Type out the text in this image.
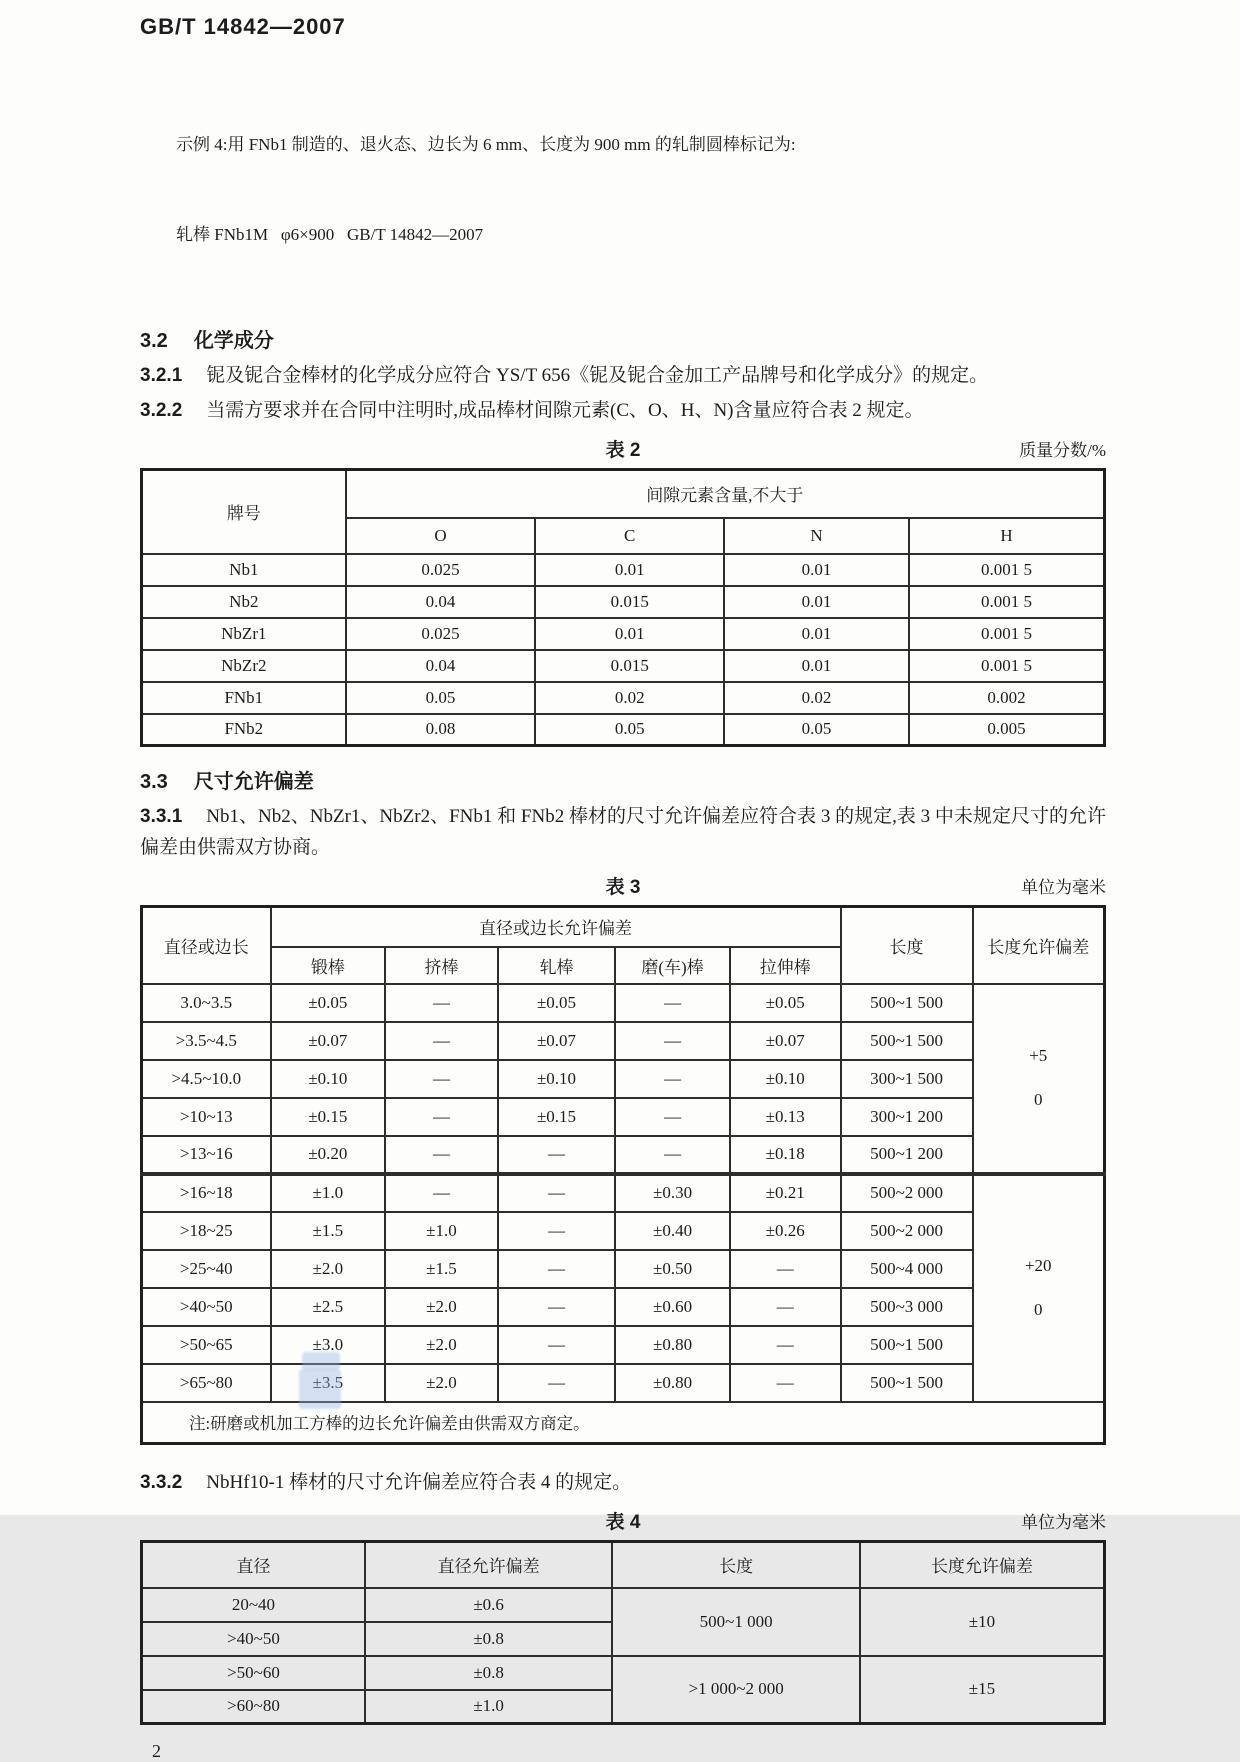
GB/T 14842—2007

示例 4:用 FNb1 制造的、退火态、边长为 6 mm、长度为 900 mm 的轧制圆棒标记为:

轧棒 FNb1M   φ6×900   GB/T 14842—2007

3.2 化学成分

3.2.1 铌及铌合金棒材的化学成分应符合 YS/T 656《铌及铌合金加工产品牌号和化学成分》的规定。

3.2.2 当需方要求并在合同中注明时,成品棒材间隙元素(C、O、H、N)含量应符合表 2 规定。

表 2	质量分数/%
牌号	间隙元素含量,不大于			
	O	C	N	H
Nb1	0.025	0.01	0.01	0.001 5
Nb2	0.04	0.015	0.01	0.001 5
NbZr1	0.025	0.01	0.01	0.001 5
NbZr2	0.04	0.015	0.01	0.001 5
FNb1	0.05	0.02	0.02	0.002
FNb2	0.08	0.05	0.05	0.005
3.3 尺寸允许偏差

3.3.1 Nb1、Nb2、NbZr1、NbZr2、FNb1 和 FNb2 棒材的尺寸允许偏差应符合表 3 的规定,表 3 中未规定尺寸的允许偏差由供需双方协商。

表 3	单位为毫米
直径或边长	直径或边长允许偏差					长度	长度允许偏差
	锻棒	挤棒	轧棒	磨(车)棒	拉伸棒		
3.0~3.5	±0.05	—	±0.05	—	±0.05	500~1 500	+5
0

>3.5~4.5	±0.07	—	±0.07	—	±0.07	500~1 500	
>4.5~10.0	±0.10	—	±0.10	—	±0.10	300~1 500	
>10~13	±0.15	—	±0.15	—	±0.13	300~1 200	
>13~16	±0.20	—	—	—	±0.18	500~1 200	
>16~18	±1.0	—	—	±0.30	±0.21	500~2 000	+20
0

>18~25	±1.5	±1.0	—	±0.40	±0.26	500~2 000	
>25~40	±2.0	±1.5	—	±0.50	—	500~4 000	
>40~50	±2.5	±2.0	—	±0.60	—	500~3 000	
>50~65	±3.0	±2.0	—	±0.80	—	500~1 500	
>65~80	±3.5	±2.0	—	±0.80	—	500~1 500	
注:研磨或机加工方棒的边长允许偏差由供需双方商定。							

3.3.2 NbHf10-1 棒材的尺寸允许偏差应符合表 4 的规定。

表 4	单位为毫米
直径	直径允许偏差	长度	长度允许偏差
20~40	±0.6	500~1 000	±10
>40~50	±0.8		
>50~60	±0.8	>1 000~2 000	±15
>60~80	±1.0		
2
